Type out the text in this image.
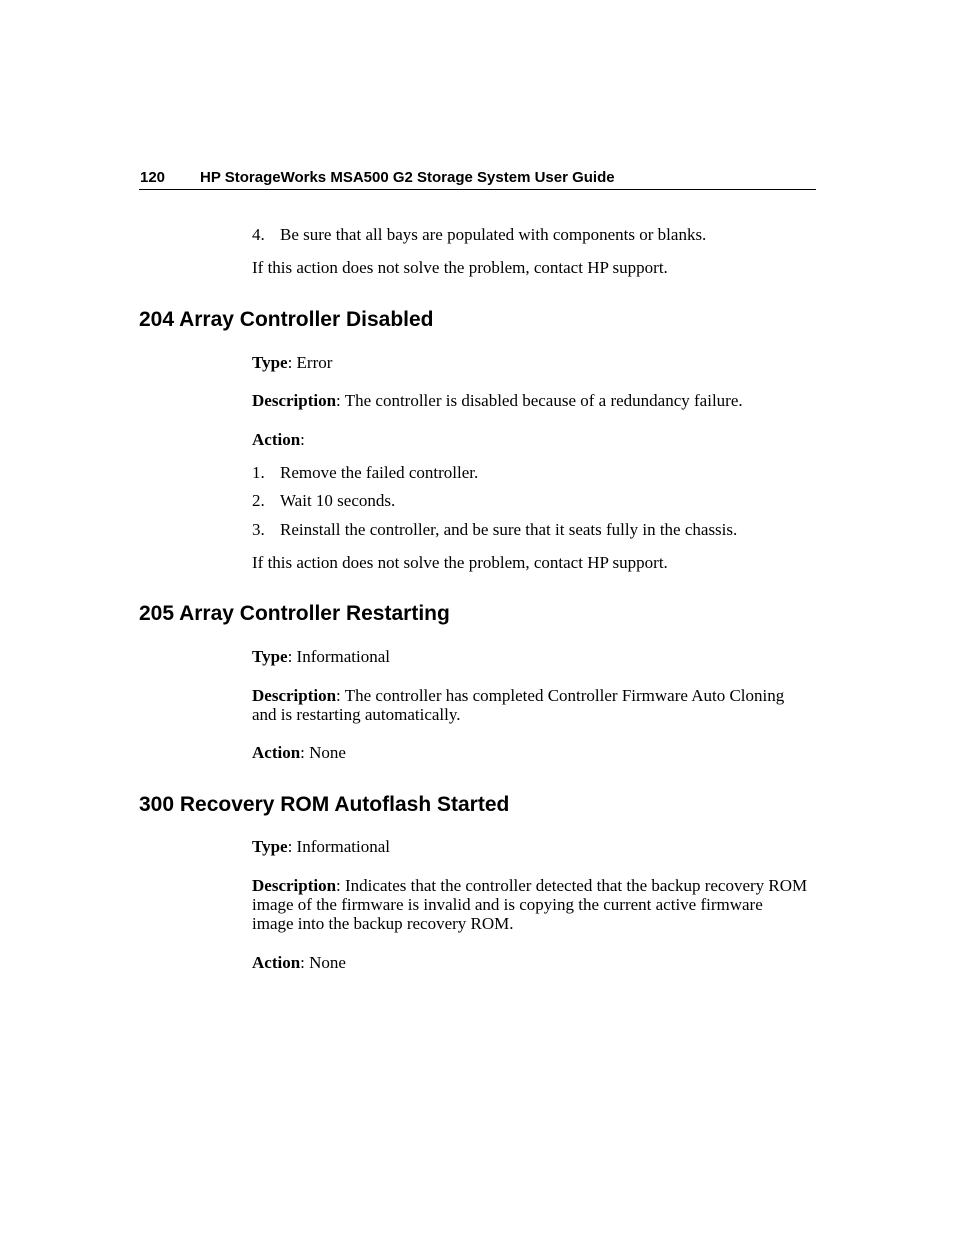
120 HP StorageWorks MSA500 G2 Storage System User Guide
4. Be sure that all bays are populated with components or blanks.

If this action does not solve the problem, contact HP support.

204 Array Controller Disabled

Type: Error

Description: The controller is disabled because of a redundancy failure.

Action:

1. Remove the failed controller.
2. Wait 10 seconds.
3. Reinstall the controller, and be sure that it seats fully in the chassis.

If this action does not solve the problem, contact HP support.

205 Array Controller Restarting

Type: Informational

Description: The controller has completed Controller Firmware Auto Cloning
and is restarting automatically.

Action: None

300 Recovery ROM Autoflash Started

Type: Informational

Description: Indicates that the controller detected that the backup recovery ROM
image of the firmware is invalid and is copying the current active firmware
image into the backup recovery ROM.

Action: None
